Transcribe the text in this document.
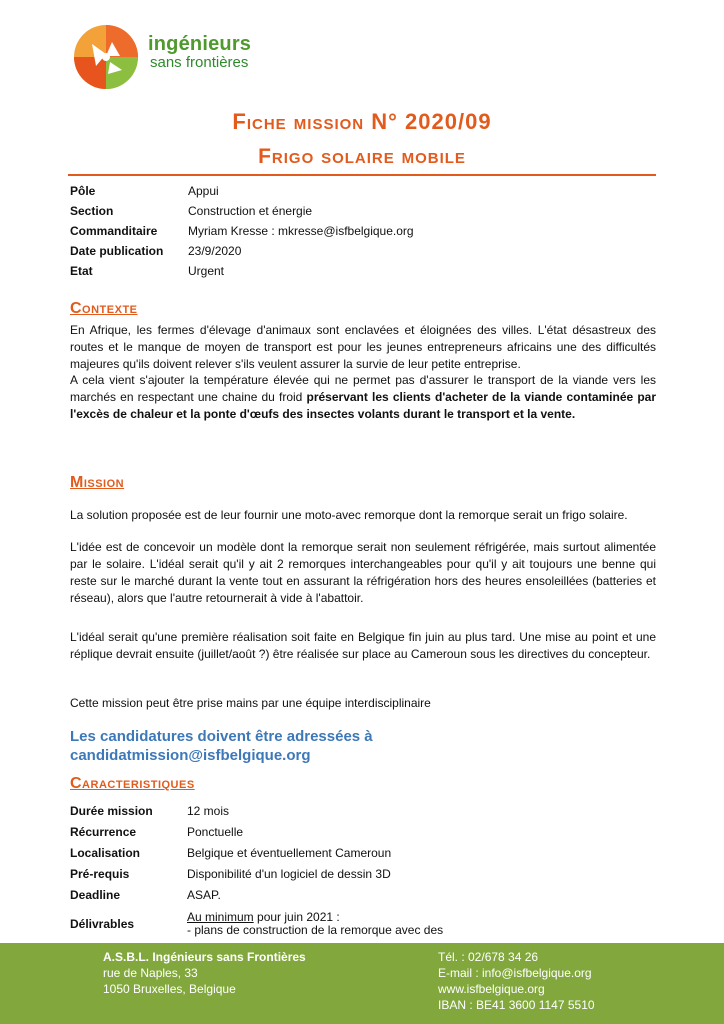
ingénieurs
sans frontières
Fiche mission N° 2020/09
Frigo solaire mobile
Pôle	Appui
Section	Construction et énergie
Commanditaire	Myriam Kresse : mkresse@isfbelgique.org
Date publication	23/9/2020
Etat	Urgent
Contexte
En Afrique, les fermes d'élevage d'animaux sont enclavées et éloignées des villes. L'état désastreux des routes et le manque de moyen de transport est pour les jeunes entrepreneurs africains une des difficultés majeures qu'ils doivent relever s'ils veulent assurer la survie de leur petite entreprise.
A cela vient s'ajouter la température élevée qui ne permet pas d'assurer le transport de la viande vers les marchés en respectant une chaine du froid préservant les clients d'acheter de la viande contaminée par l'excès de chaleur et la ponte d'œufs des insectes volants durant le transport et la vente.
Mission
La solution proposée est de leur fournir une moto-avec remorque dont la remorque serait un frigo solaire.
L'idée est de concevoir un modèle dont la remorque serait non seulement réfrigérée, mais surtout alimentée par le solaire. L'idéal serait qu'il y ait 2 remorques interchangeables pour qu'il y ait toujours une benne qui reste sur le marché durant la vente tout en assurant la réfrigération hors des heures ensoleillées (batteries et réseau), alors que l'autre retournerait à vide à l'abattoir.
L'idéal serait qu'une première réalisation soit faite en Belgique fin juin au plus tard. Une mise au point et une réplique devrait ensuite (juillet/août ?) être réalisée sur place au Cameroun sous les directives du concepteur.
Cette mission peut être prise mains par une équipe interdisciplinaire
Les candidatures doivent être adressées à
candidatmission@isfbelgique.org
Caracteristiques
Durée mission	12 mois
Récurrence	Ponctuelle
Localisation	Belgique et éventuellement Cameroun
Pré-requis	Disponibilité d'un logiciel de dessin 3D
Deadline	ASAP.
Délivrables	Au minimum pour juin 2021 :
- plans de construction de la remorque avec des
A.S.B.L. Ingénieurs sans Frontières
rue de Naples, 33
1050 Bruxelles, Belgique
Tél. : 02/678 34 26
E-mail : info@isfbelgique.org
www.isfbelgique.org
IBAN : BE41 3600 1147 5510
